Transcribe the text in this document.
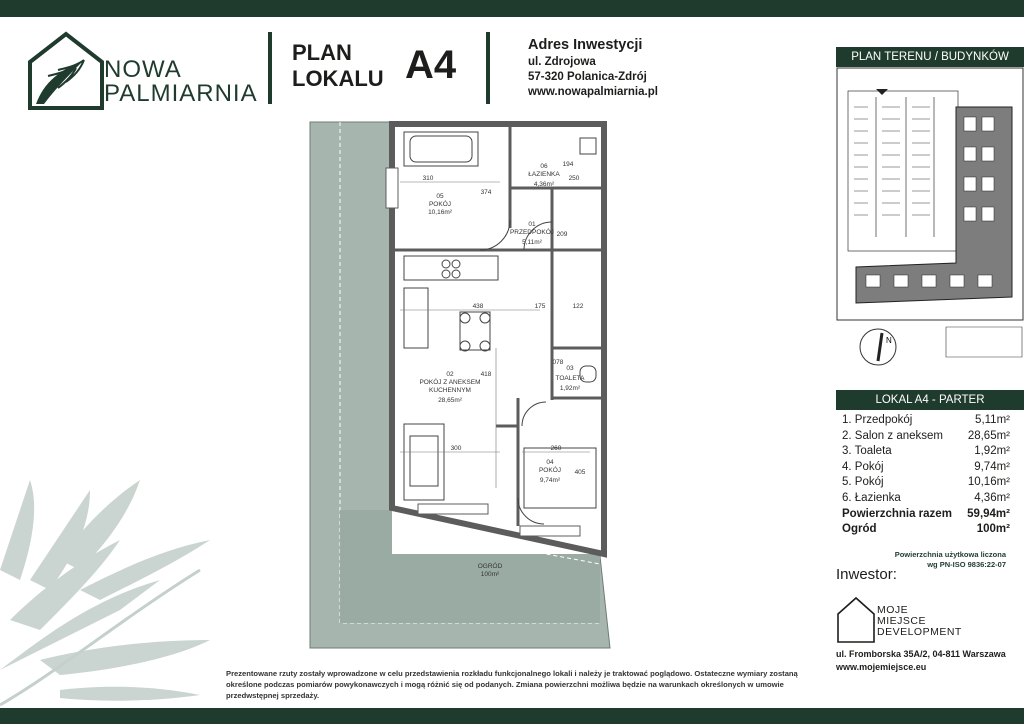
NOWA
PALMIARNIA
PLAN
LOKALU A4	Adres Inwestycji
ul. Zdrojowa
57-320 Polanica-Zdrój
www.nowapalmiarnia.pl
06
ŁAZIENKA
4,36m²
05
POKÓJ
10,16m²
01
PRZEDPOKÓJ
5,11m²
02
POKÓJ Z ANEKSEM
KUCHENNYM
28,65m²
03
TOALETA
1,92m²
04
POKÓJ
9,74m²
OGRÓD
100m²
310
374
194
250
438	175	122
418
300	260
405
078
209
PLAN TERENU / BUDYNKÓW
N
LOKAL A4 - PARTER
1. Przedpokój	5,11m²
2. Salon z aneksem 28,65m²
3. Toaleta	1,92m²
4. Pokój	9,74m²
5. Pokój	10,16m²
6. Łazienka	4,36m²
Powierzchnia razem 59,94m²
Ogród	100m²
Powierzchnia użytkowa liczona
wg PN-ISO 9836:22-07
Inwestor:
MOJE
MIEJSCE
DEVELOPMENT
ul. Fromborska 35A/2, 04-811 Warszawa
www.mojemiejsce.eu
Prezentowane rzuty zostały wprowadzone w celu przedstawienia rozkładu funkcjonalnego lokali i należy je traktować poglądowo. Ostateczne wymiary zostaną określone podczas pomiarów powykonawczych i mogą różnić się od podanych. Zmiana powierzchni możliwa będzie na warunkach określonych w umowie przedwstępnej sprzedaży.
